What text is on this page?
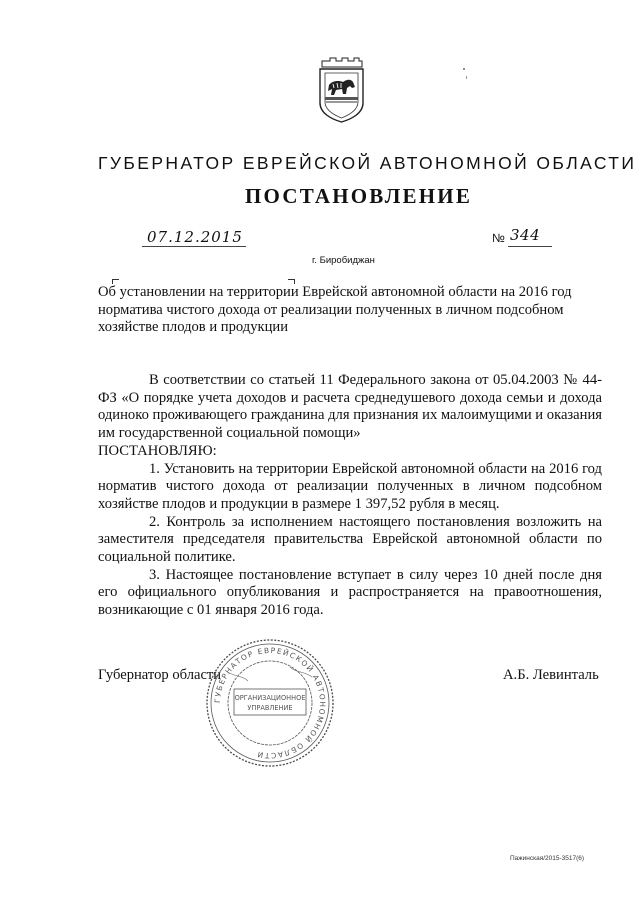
ГУБЕРНАТОР ЕВРЕЙСКОЙ АВТОНОМНОЙ ОБЛАСТИ
ПОСТАНОВЛЕНИЕ
07.12.2015	№ 344
г. Биробиджан
Об установлении на территории Еврейской автономной области на 2016 год норматива чистого дохода от реализации полученных в личном подсобном хозяйстве плодов и продукции

В соответствии со статьей 11 Федерального закона от 05.04.2003 № 44-ФЗ «О порядке учета доходов и расчета среднедушевого дохода семьи и дохода одиноко проживающего гражданина для признания их малоимущими и оказания им государственной социальной помощи»

ПОСТАНОВЛЯЮ:

1. Установить на территории Еврейской автономной области на 2016 год норматив чистого дохода от реализации полученных в личном подсобном хозяйстве плодов и продукции в размере 1 397,52 рубля в месяц.

2. Контроль за исполнением настоящего постановления возложить на заместителя председателя правительства Еврейской автономной области по социальной политике.

3. Настоящее постановление вступает в силу через 10 дней после дня его официального опубликования и распространяется на правоотношения, возникающие с 01 января 2016 года.

Губернатор области	А.Б. Левинталь
ГУБЕРНАТОР ЕВРЕЙСКОЙ АВТОНОМНОЙ ОБЛАСТИ
ОРГАНИЗАЦИОННОЕ
УПРАВЛЕНИЕ
Пажинская/2015-3517(6)
